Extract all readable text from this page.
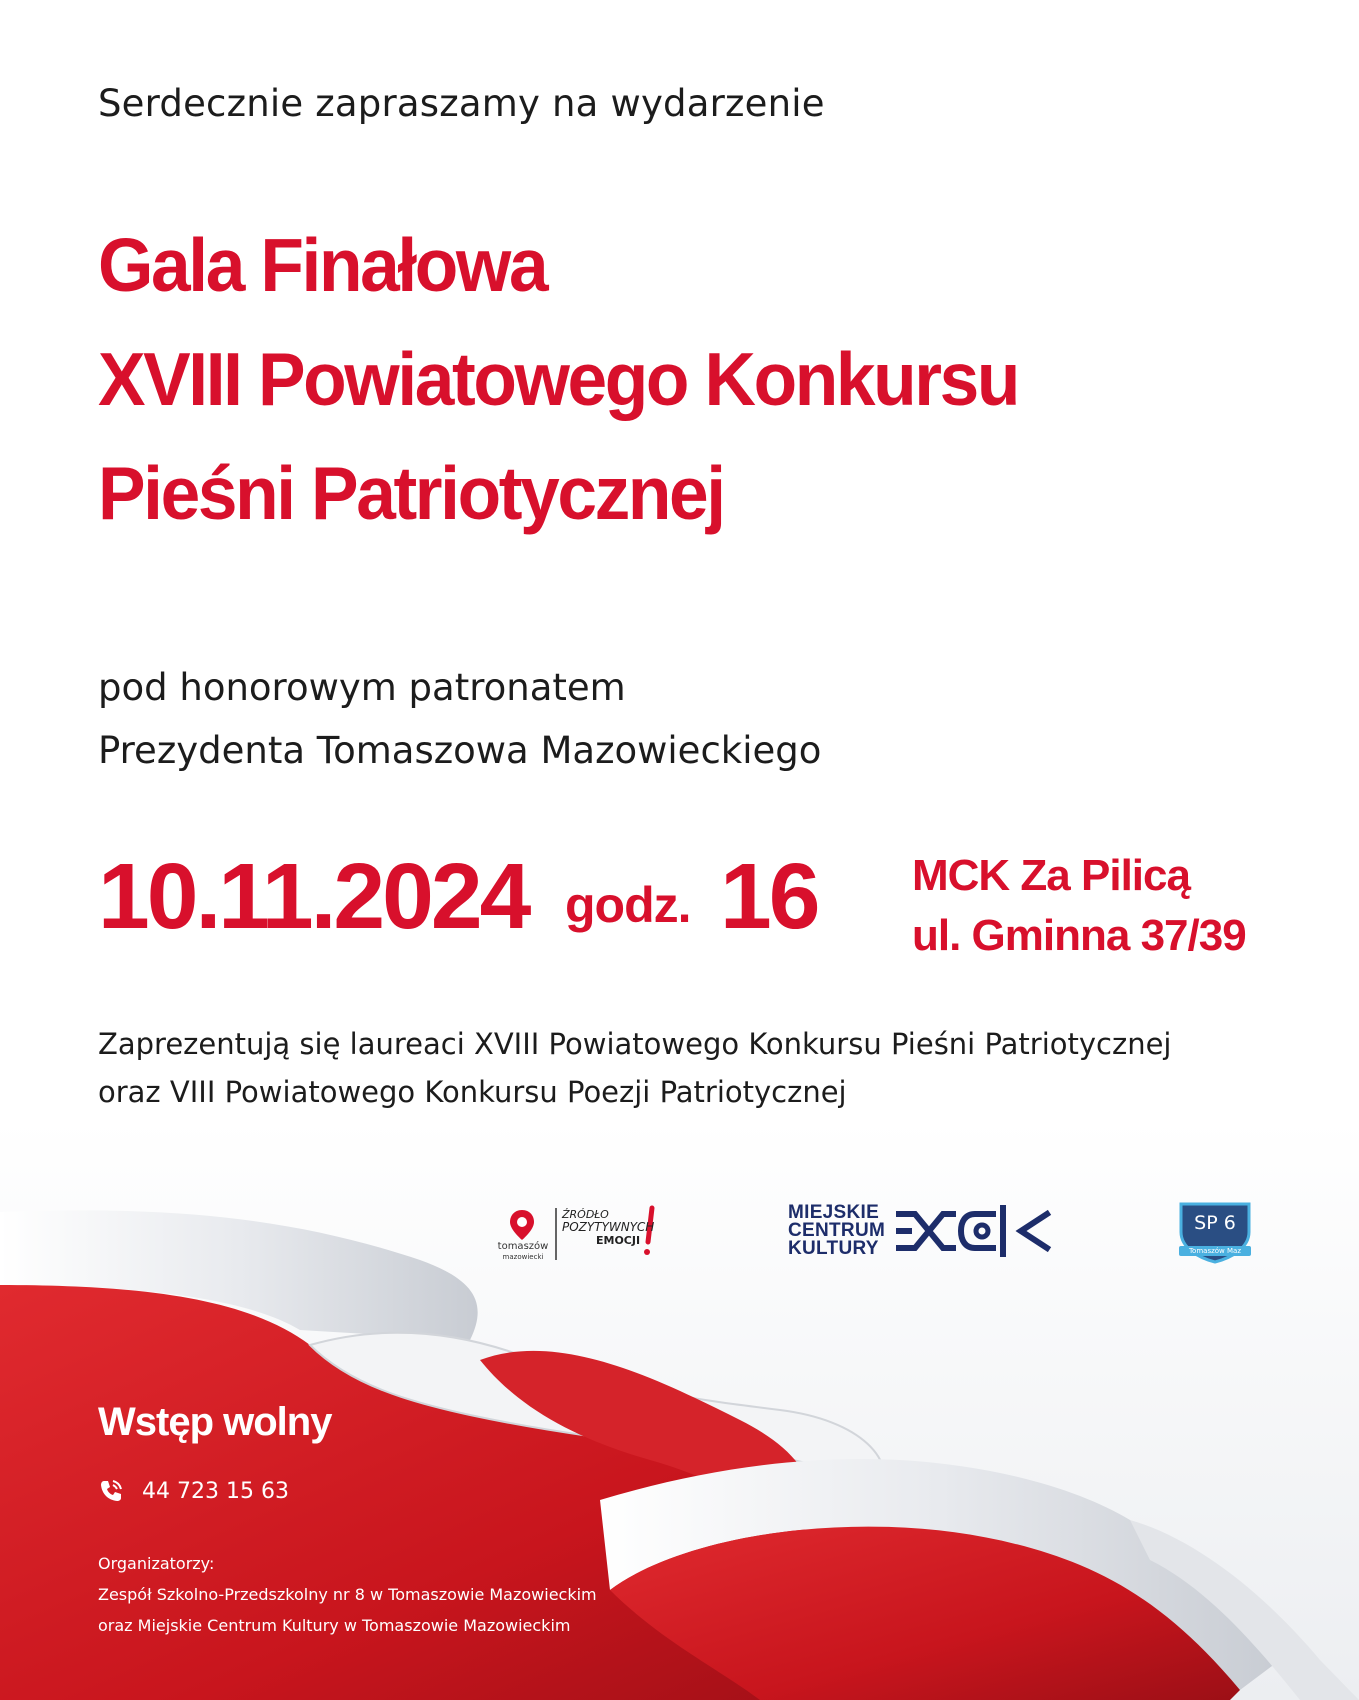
Serdecznie zapraszamy na wydarzenie
Gala Finałowa
XVIII Powiatowego Konkursu
Pieśni Patriotycznej
pod honorowym patronatem
Prezydenta Tomaszowa Mazowieckiego
10.11.2024 godz. 16 MCK Za Pilicą
ul. Gminna 37/39
Zaprezentują się laureaci XVIII Powiatowego Konkursu Pieśni Patriotycznej
oraz VIII Powiatowego Konkursu Poezji Patriotycznej
tomaszów
mazowiecki
ŹRÓDŁO
POZYTYWNYCH
EMOCJI
MIEJSKIE
CENTRUM
KULTURY
SP 6
Tomaszów Maz
Wstęp wolny
44 723 15 63
Organizatorzy:
Zespół Szkolno-Przedszkolny nr 8 w Tomaszowie Mazowieckim
oraz Miejskie Centrum Kultury w Tomaszowie Mazowieckim
